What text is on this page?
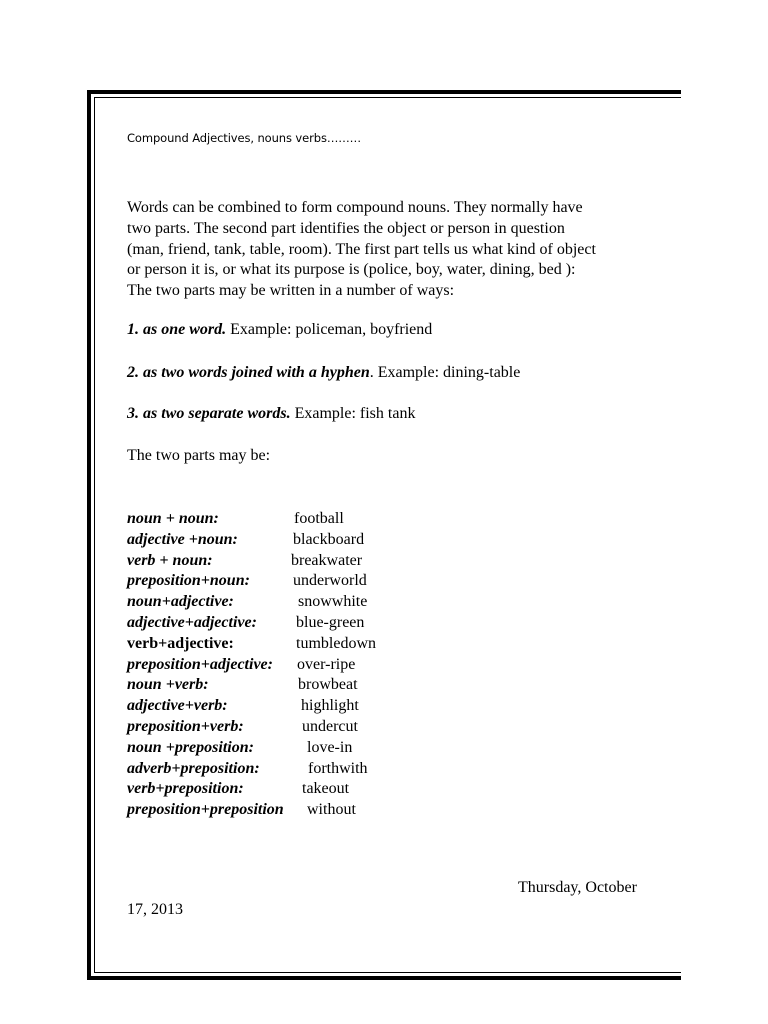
Compound Adjectives, nouns verbs………

Words can be combined to form compound nouns. They normally have

two parts. The second part identifies the object or person in question

(man, friend, tank, table, room). The first part tells us what kind of object

or person it is, or what its purpose is (police, boy, water, dining, bed ):

The two parts may be written in a number of ways:

1. as one word. Example: policeman, boyfriend
2. as two words joined with a hyphen. Example: dining-table
3. as two separate words. Example: fish tank
The two parts may be:
noun + noun:	football
adjective +noun:	blackboard
verb + noun:	breakwater
preposition+noun:	underworld
noun+adjective:	snowwhite
adjective+adjective: blue-green
verb+adjective:	tumbledown
preposition+adjective: over-ripe
noun +verb:	browbeat
adjective+verb:	highlight
preposition+verb:	undercut
noun +preposition:	love-in
adverb+preposition:	forthwith
verb+preposition:	takeout
preposition+preposition without
Thursday, October
17, 2013
